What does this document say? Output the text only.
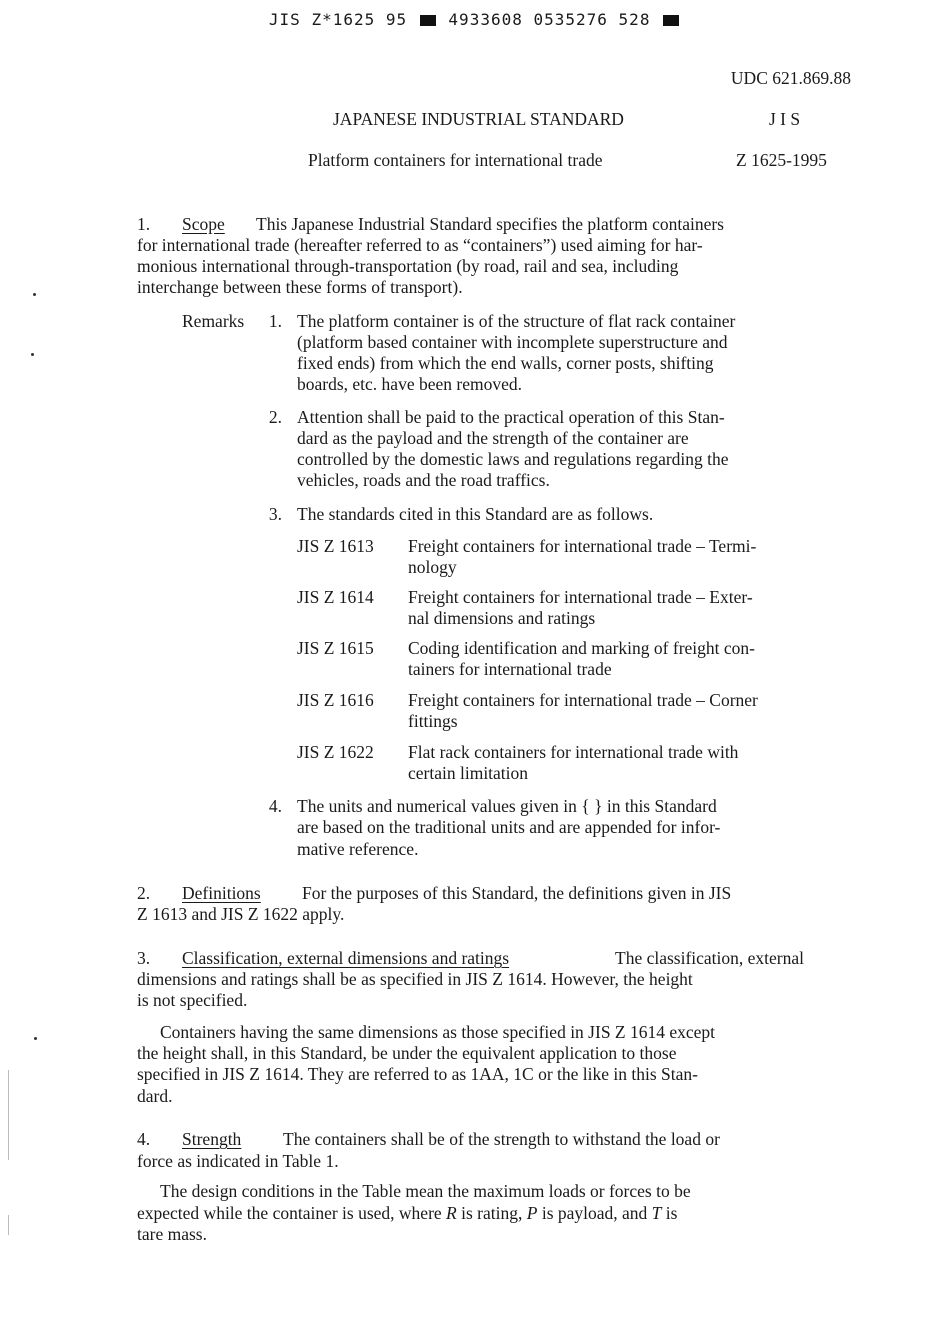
JIS Z*1625 95	4933608 0535276 528
UDC 621.869.88
JAPANESE INDUSTRIAL STANDARD	J I S
Platform containers for international trade	Z 1625-1995
1. Scope This Japanese Industrial Standard specifies the platform containers
for international trade (hereafter referred to as “containers”) used aiming for har-
monious international through-transportation (by road, rail and sea, including
interchange between these forms of transport).
Remarks	1. The platform container is of the structure of flat rack container
(platform based container with incomplete superstructure and
fixed ends) from which the end walls, corner posts, shifting
boards, etc. have been removed.
2. Attention shall be paid to the practical operation of this Stan-
dard as the payload and the strength of the container are
controlled by the domestic laws and regulations regarding the
vehicles, roads and the road traffics.
3. The standards cited in this Standard are as follows.
JIS Z 1613	Freight containers for international trade – Termi-
nology
JIS Z 1614	Freight containers for international trade – Exter-
nal dimensions and ratings
JIS Z 1615	Coding identification and marking of freight con-
tainers for international trade
JIS Z 1616	Freight containers for international trade – Corner
fittings
JIS Z 1622	Flat rack containers for international trade with
certain limitation
4. The units and numerical values given in { } in this Standard
are based on the traditional units and are appended for infor-
mative reference.
2. Definitions For the purposes of this Standard, the definitions given in JIS
Z 1613 and JIS Z 1622 apply.
3. Classification, external dimensions and ratings	The classification, external
dimensions and ratings shall be as specified in JIS Z 1614. However, the height
is not specified.
Containers having the same dimensions as those specified in JIS Z 1614 except
the height shall, in this Standard, be under the equivalent application to those
specified in JIS Z 1614. They are referred to as 1AA, 1C or the like in this Stan-
dard.
4. Strength The containers shall be of the strength to withstand the load or
force as indicated in Table 1.
The design conditions in the Table mean the maximum loads or forces to be
expected while the container is used, where R is rating, P is payload, and T is
tare mass.
